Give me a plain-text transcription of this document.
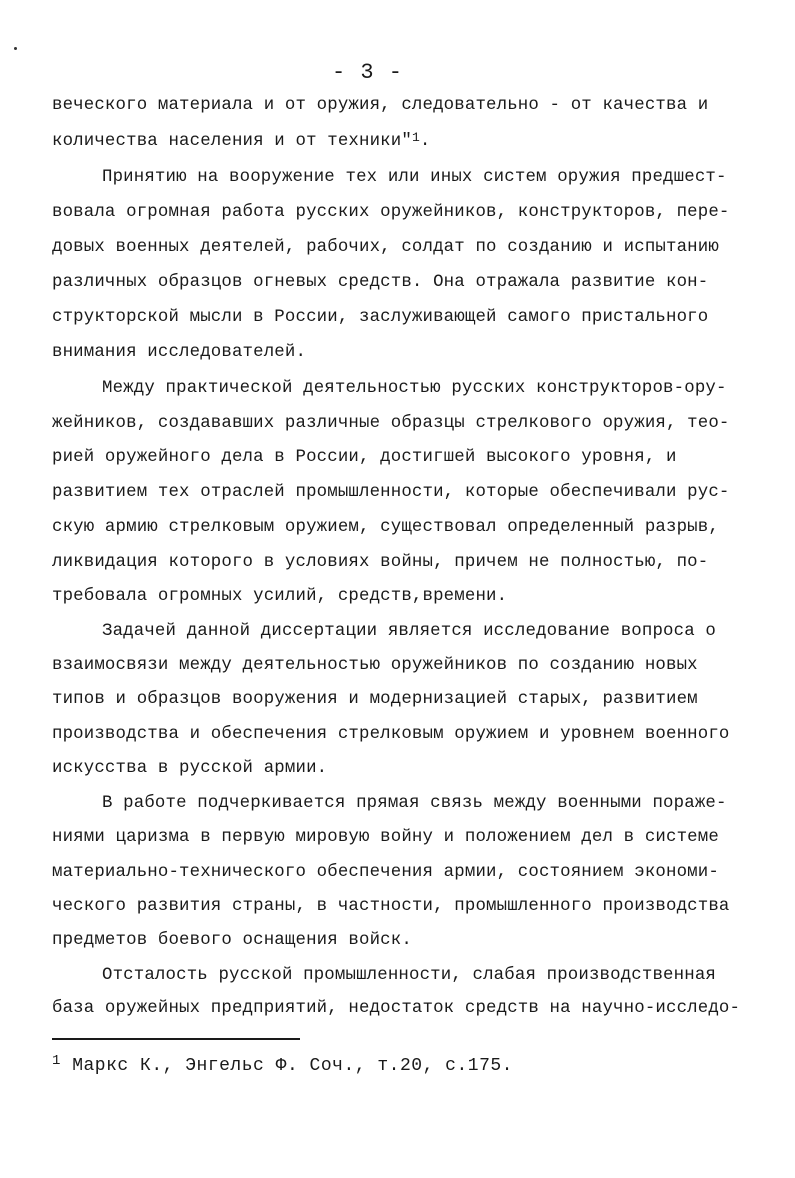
- 3 -
вечеcкого материала и от оружия, следовательно - от качества и
количества населения и от техники"$^1$.
Принятию на вооружение тех или иных систем оружия предшест-
вовала огромная работа русских оружейников, конструкторов, пере-
довых военных деятелей, рабочих, солдат по созданию и испытанию
различных образцов огневых средств. Она отражала развитие кон-
структорской мысли в России, заслуживающей самого пристального
внимания исследователей.
Между практической деятельностью русских конструкторов-ору-
жейников, создававших различные образцы стрелкового оружия, тео-
рией оружейного дела в России, достигшей высокого уровня, и
развитием тех отраслей промышленности, которые обеспечивали рус-
скую армию стрелковым оружием, существовал определенный разрыв,
ликвидация которого в условиях войны, причем не полностью, по-
требовала огромных усилий, средств,времени.
Задачей данной диссертации является исследование вопроса о
взаимосвязи между деятельностью оружейников по созданию новых
типов и образцов вооружения и модернизацией старых, развитием
производства и обеспечения стрелковым оружием и уровнем военного
искусства в русской армии.
В работе подчеркивается прямая связь между военными пораже-
ниями царизма в первую мировую войну и положением дел в системе
материально-технического обеспечения армии, состоянием экономи-
ческого развития страны, в частности, промышленного производства
предметов боевого оснащения войск.
Отсталость русской промышленности, слабая производственная
база оружейных предприятий, недостаток средств на научно-исследо-
$^1$ Маркс К., Энгельс Ф. Соч., т.20, с.175.
